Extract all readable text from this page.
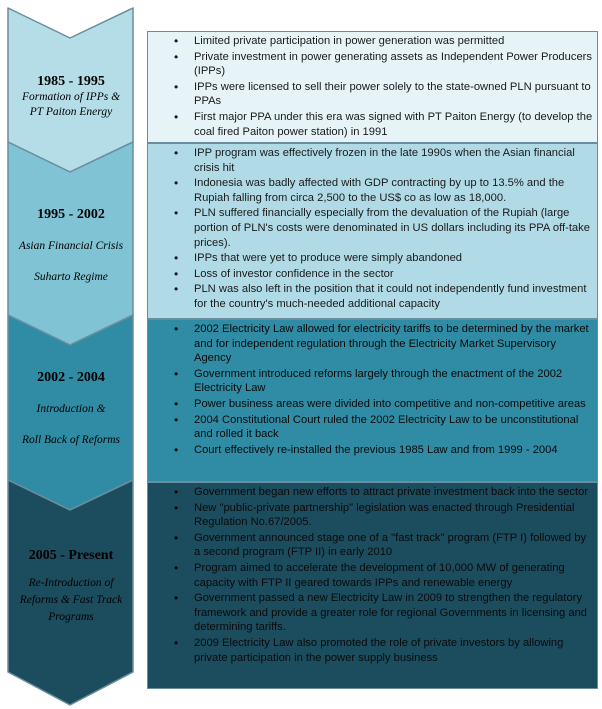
1985 - 1995

Formation of IPPs &

PT Paiton Energy

1995 - 2002

Asian Financial Crisis

Suharto Regime

2002 - 2004

Introduction &

Roll Back of Reforms

2005 - Present

Re-Introduction of

Reforms & Fast Track

Programs

• Limited private participation in power generation was permitted
• Private investment in power generating assets as Independent Power Producers (IPPs)
• IPPs were licensed to sell their power solely to the state-owned PLN pursuant to PPAs
• First major PPA under this era was signed with PT Paiton Energy (to develop the coal fired Paiton power station) in 1991
• IPP program was effectively frozen in the late 1990s when the Asian financial crisis hit
• Indonesia was badly affected with GDP contracting by up to 13.5% and the Rupiah falling from circa 2,500 to the US$ co as low as 18,000.
• PLN suffered financially especially from the devaluation of the Rupiah (large portion of PLN's costs were denominated in US dollars including its PPA off-take prices).
• IPPs that were yet to produce were simply abandoned
• Loss of investor confidence in the sector
• PLN was also left in the position that it could not independently fund investment for the country's much-needed additional capacity
• 2002 Electricity Law allowed for electricity tariffs to be determined by the market and for independent regulation through the Electricity Market Supervisory Agency
• Government introduced reforms largely through the enactment of the 2002 Electricity Law
• Power business areas were divided into competitive and non-competitive areas
• 2004 Constitutional Court ruled the 2002 Electricity Law to be unconstitutional and rolled it back
• Court effectively re-installed the previous 1985 Law and from 1999 - 2004
• Government began new efforts to attract private investment back into the sector
• New "public-private partnership" legislation was enacted through Presidential Regulation No.67/2005.
• Government announced stage one of a "fast track" program (FTP I) followed by a second program (FTP II) in early 2010
• Program aimed to accelerate the development of 10,000 MW of generating capacity with FTP II geared towards IPPs and renewable energy
• Government passed a new Electricity Law in 2009 to strengthen the regulatory framework and provide a greater role for regional Governments in licensing and determining tariffs.
• 2009 Electricity Law also promoted the role of private investors by allowing private participation in the power supply business
